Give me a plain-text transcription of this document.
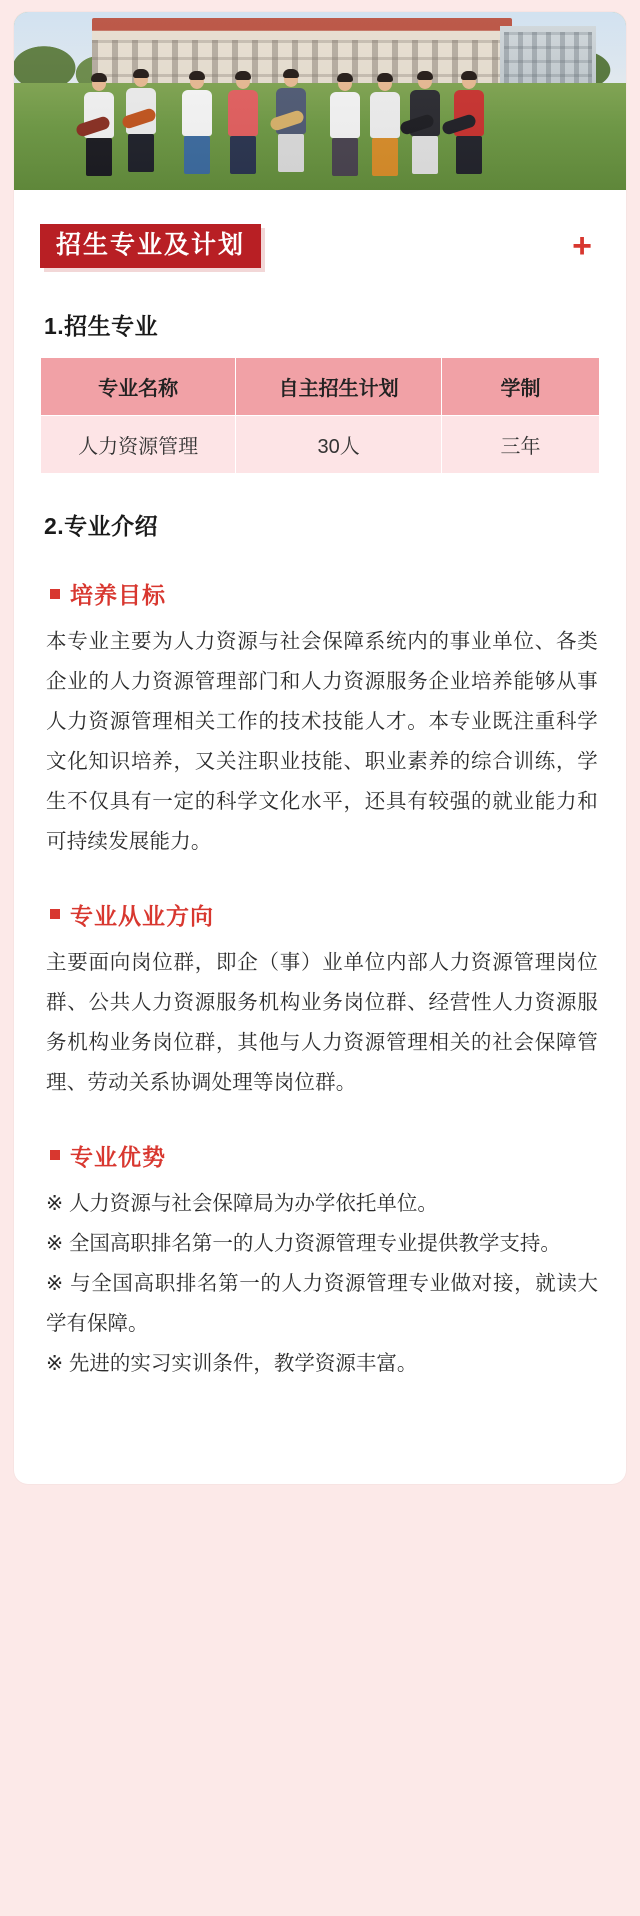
招生专业及计划	+
1.招生专业
专业名称	自主招生计划	学制
人力资源管理	30人	三年
2.专业介绍
培养目标

本专业主要为人力资源与社会保障系统内的事业单位、各类企业的人力资源管理部门和人力资源服务企业培养能够从事人力资源管理相关工作的技术技能人才。本专业既注重科学文化知识培养，又关注职业技能、职业素养的综合训练，学生不仅具有一定的科学文化水平，还具有较强的就业能力和可持续发展能力。

专业从业方向

主要面向岗位群，即企（事）业单位内部人力资源管理岗位群、公共人力资源服务机构业务岗位群、经营性人力资源服务机构业务岗位群，其他与人力资源管理相关的社会保障管理、劳动关系协调处理等岗位群。

专业优势
※ 人力资源与社会保障局为办学依托单位。
※ 全国高职排名第一的人力资源管理专业提供教学支持。
※ 与全国高职排名第一的人力资源管理专业做对接，就读大学有保障。
※ 先进的实习实训条件，教学资源丰富。
